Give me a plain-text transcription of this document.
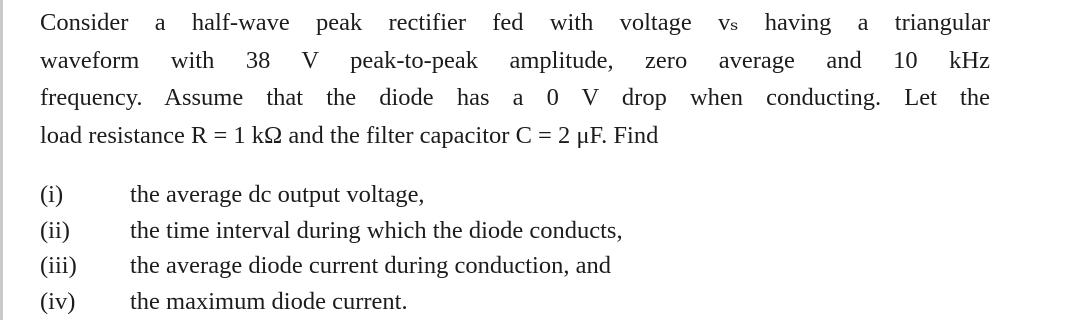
Consider a half-wave peak rectifier fed with voltage vₛ having a triangular
waveform with 38 V peak-to-peak amplitude, zero average and 10 kHz
frequency. Assume that the diode has a 0 V drop when conducting. Let the
load resistance R = 1 kΩ and the filter capacitor C = 2 μF. Find

(i)	the average dc output voltage,
(ii)	the time interval during which the diode conducts,
(iii)	the average diode current during conduction, and
(iv)	the maximum diode current.
